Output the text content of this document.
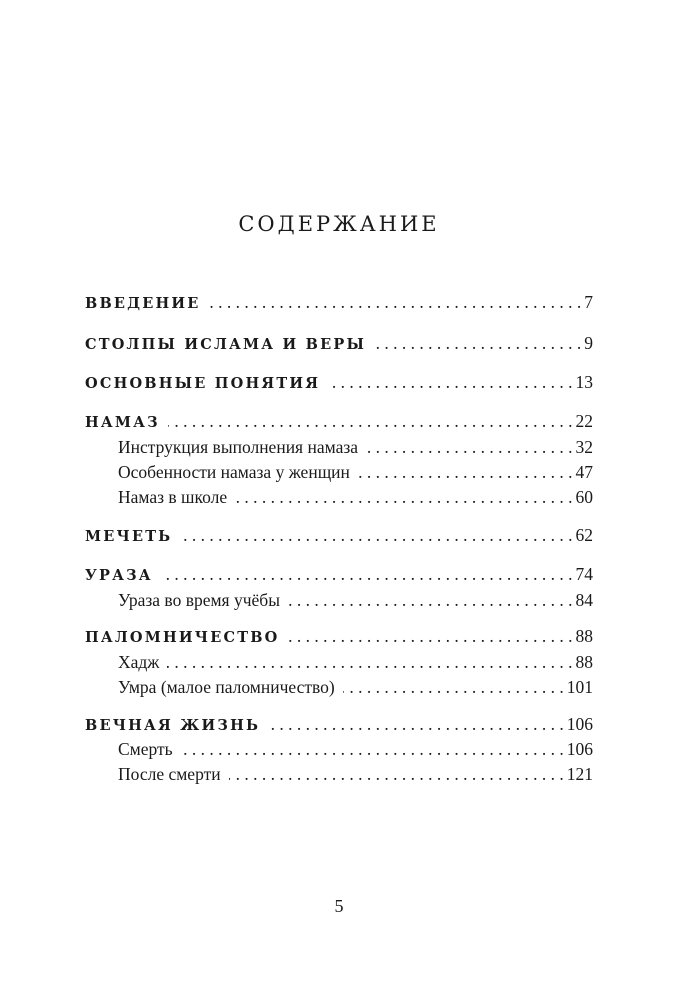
СОДЕРЖАНИЕ
ВВЕДЕНИЕ . . .	7
СТОЛПЫ ИСЛАМА И ВЕРЫ . . .	9
ОСНОВНЫЕ ПОНЯТИЯ . . .	13
НАМАЗ . . .	22
Инструкция выполнения намаза . . .	32
Особенности намаза у женщин . . .	47
Намаз в школе . . .	60
МЕЧЕТЬ . . .	62
УРАЗА . . .	74
Ураза во время учёбы . . .	84
ПАЛОМНИЧЕСТВО . . .	88
Хадж . . .	88
Умра (малое паломничество) . . .	101
ВЕЧНАЯ ЖИЗНЬ . . .	106
Смерть . . .	106
После смерти . . .	121
5
